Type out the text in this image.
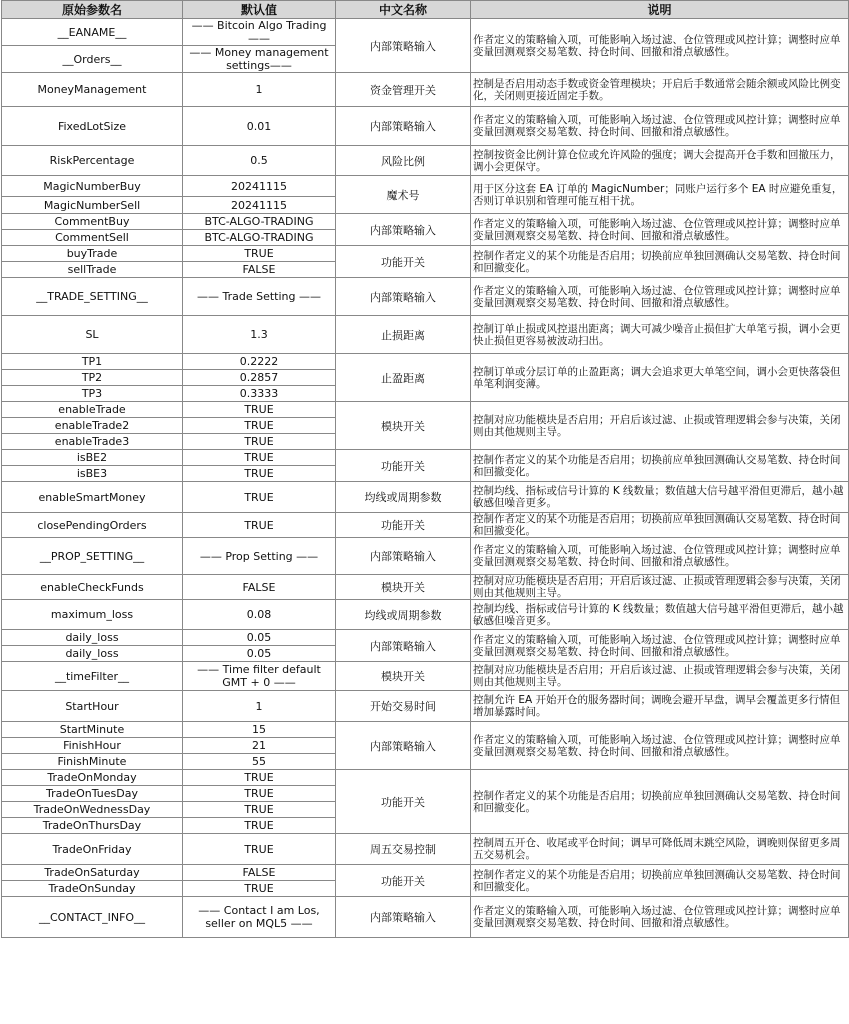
原始参数名	默认值	中文名称	说明
__EANAME__	—— Bitcoin Algo Trading ——	内部策略输入	作者定义的策略输入项，可能影响入场过滤、仓位管理或风控计算；调整时应单变量回测观察交易笔数、持仓时间、回撤和滑点敏感性。
__Orders__	—— Money management settings——		
MoneyManagement	1	资金管理开关	控制是否启用动态手数或资金管理模块；开启后手数通常会随余额或风险比例变化，关闭则更接近固定手数。
FixedLotSize	0.01	内部策略输入	作者定义的策略输入项，可能影响入场过滤、仓位管理或风控计算；调整时应单变量回测观察交易笔数、持仓时间、回撤和滑点敏感性。
RiskPercentage	0.5	风险比例	控制按资金比例计算仓位或允许风险的强度；调大会提高开仓手数和回撤压力，调小会更保守。
MagicNumberBuy	20241115	魔术号	用于区分这套 EA 订单的 MagicNumber；同账户运行多个 EA 时应避免重复，否则订单识别和管理可能互相干扰。
MagicNumberSell	20241115		
CommentBuy	BTC-ALGO-TRADING	内部策略输入	作者定义的策略输入项，可能影响入场过滤、仓位管理或风控计算；调整时应单变量回测观察交易笔数、持仓时间、回撤和滑点敏感性。
CommentSell	BTC-ALGO-TRADING		
buyTrade	TRUE	功能开关	控制作者定义的某个功能是否启用；切换前应单独回测确认交易笔数、持仓时间和回撤变化。
sellTrade	FALSE		
__TRADE_SETTING__	—— Trade Setting ——	内部策略输入	作者定义的策略输入项，可能影响入场过滤、仓位管理或风控计算；调整时应单变量回测观察交易笔数、持仓时间、回撤和滑点敏感性。
SL	1.3	止损距离	控制订单止损或风控退出距离；调大可减少噪音止损但扩大单笔亏损，调小会更快止损但更容易被波动扫出。
TP1	0.2222	止盈距离	控制订单或分层订单的止盈距离；调大会追求更大单笔空间，调小会更快落袋但单笔利润变薄。
TP2	0.2857		
TP3	0.3333		
enableTrade	TRUE	模块开关	控制对应功能模块是否启用；开启后该过滤、止损或管理逻辑会参与决策，关闭则由其他规则主导。
enableTrade2	TRUE		
enableTrade3	TRUE		
isBE2	TRUE	功能开关	控制作者定义的某个功能是否启用；切换前应单独回测确认交易笔数、持仓时间和回撤变化。
isBE3	TRUE		
enableSmartMoney	TRUE	均线或周期参数	控制均线、指标或信号计算的 K 线数量；数值越大信号越平滑但更滞后，越小越敏感但噪音更多。
closePendingOrders	TRUE	功能开关	控制作者定义的某个功能是否启用；切换前应单独回测确认交易笔数、持仓时间和回撤变化。
__PROP_SETTING__	—— Prop Setting ——	内部策略输入	作者定义的策略输入项，可能影响入场过滤、仓位管理或风控计算；调整时应单变量回测观察交易笔数、持仓时间、回撤和滑点敏感性。
enableCheckFunds	FALSE	模块开关	控制对应功能模块是否启用；开启后该过滤、止损或管理逻辑会参与决策，关闭则由其他规则主导。
maximum_loss	0.08	均线或周期参数	控制均线、指标或信号计算的 K 线数量；数值越大信号越平滑但更滞后，越小越敏感但噪音更多。
daily_loss	0.05	内部策略输入	作者定义的策略输入项，可能影响入场过滤、仓位管理或风控计算；调整时应单变量回测观察交易笔数、持仓时间、回撤和滑点敏感性。
daily_loss	0.05		
__timeFilter__	—— Time filter default GMT + 0 ——	模块开关	控制对应功能模块是否启用；开启后该过滤、止损或管理逻辑会参与决策，关闭则由其他规则主导。
StartHour	1	开始交易时间	控制允许 EA 开始开仓的服务器时间；调晚会避开早盘，调早会覆盖更多行情但增加暴露时间。
StartMinute	15	内部策略输入	作者定义的策略输入项，可能影响入场过滤、仓位管理或风控计算；调整时应单变量回测观察交易笔数、持仓时间、回撤和滑点敏感性。
FinishHour	21		
FinishMinute	55		
TradeOnMonday	TRUE	功能开关	控制作者定义的某个功能是否启用；切换前应单独回测确认交易笔数、持仓时间和回撤变化。
TradeOnTuesDay	TRUE		
TradeOnWednessDay	TRUE		
TradeOnThursDay	TRUE		
TradeOnFriday	TRUE	周五交易控制	控制周五开仓、收尾或平仓时间；调早可降低周末跳空风险，调晚则保留更多周五交易机会。
TradeOnSaturday	FALSE	功能开关	控制作者定义的某个功能是否启用；切换前应单独回测确认交易笔数、持仓时间和回撤变化。
TradeOnSunday	TRUE		
__CONTACT_INFO__	—— Contact I am Los, seller on MQL5 ——	内部策略输入	作者定义的策略输入项，可能影响入场过滤、仓位管理或风控计算；调整时应单变量回测观察交易笔数、持仓时间、回撤和滑点敏感性。
